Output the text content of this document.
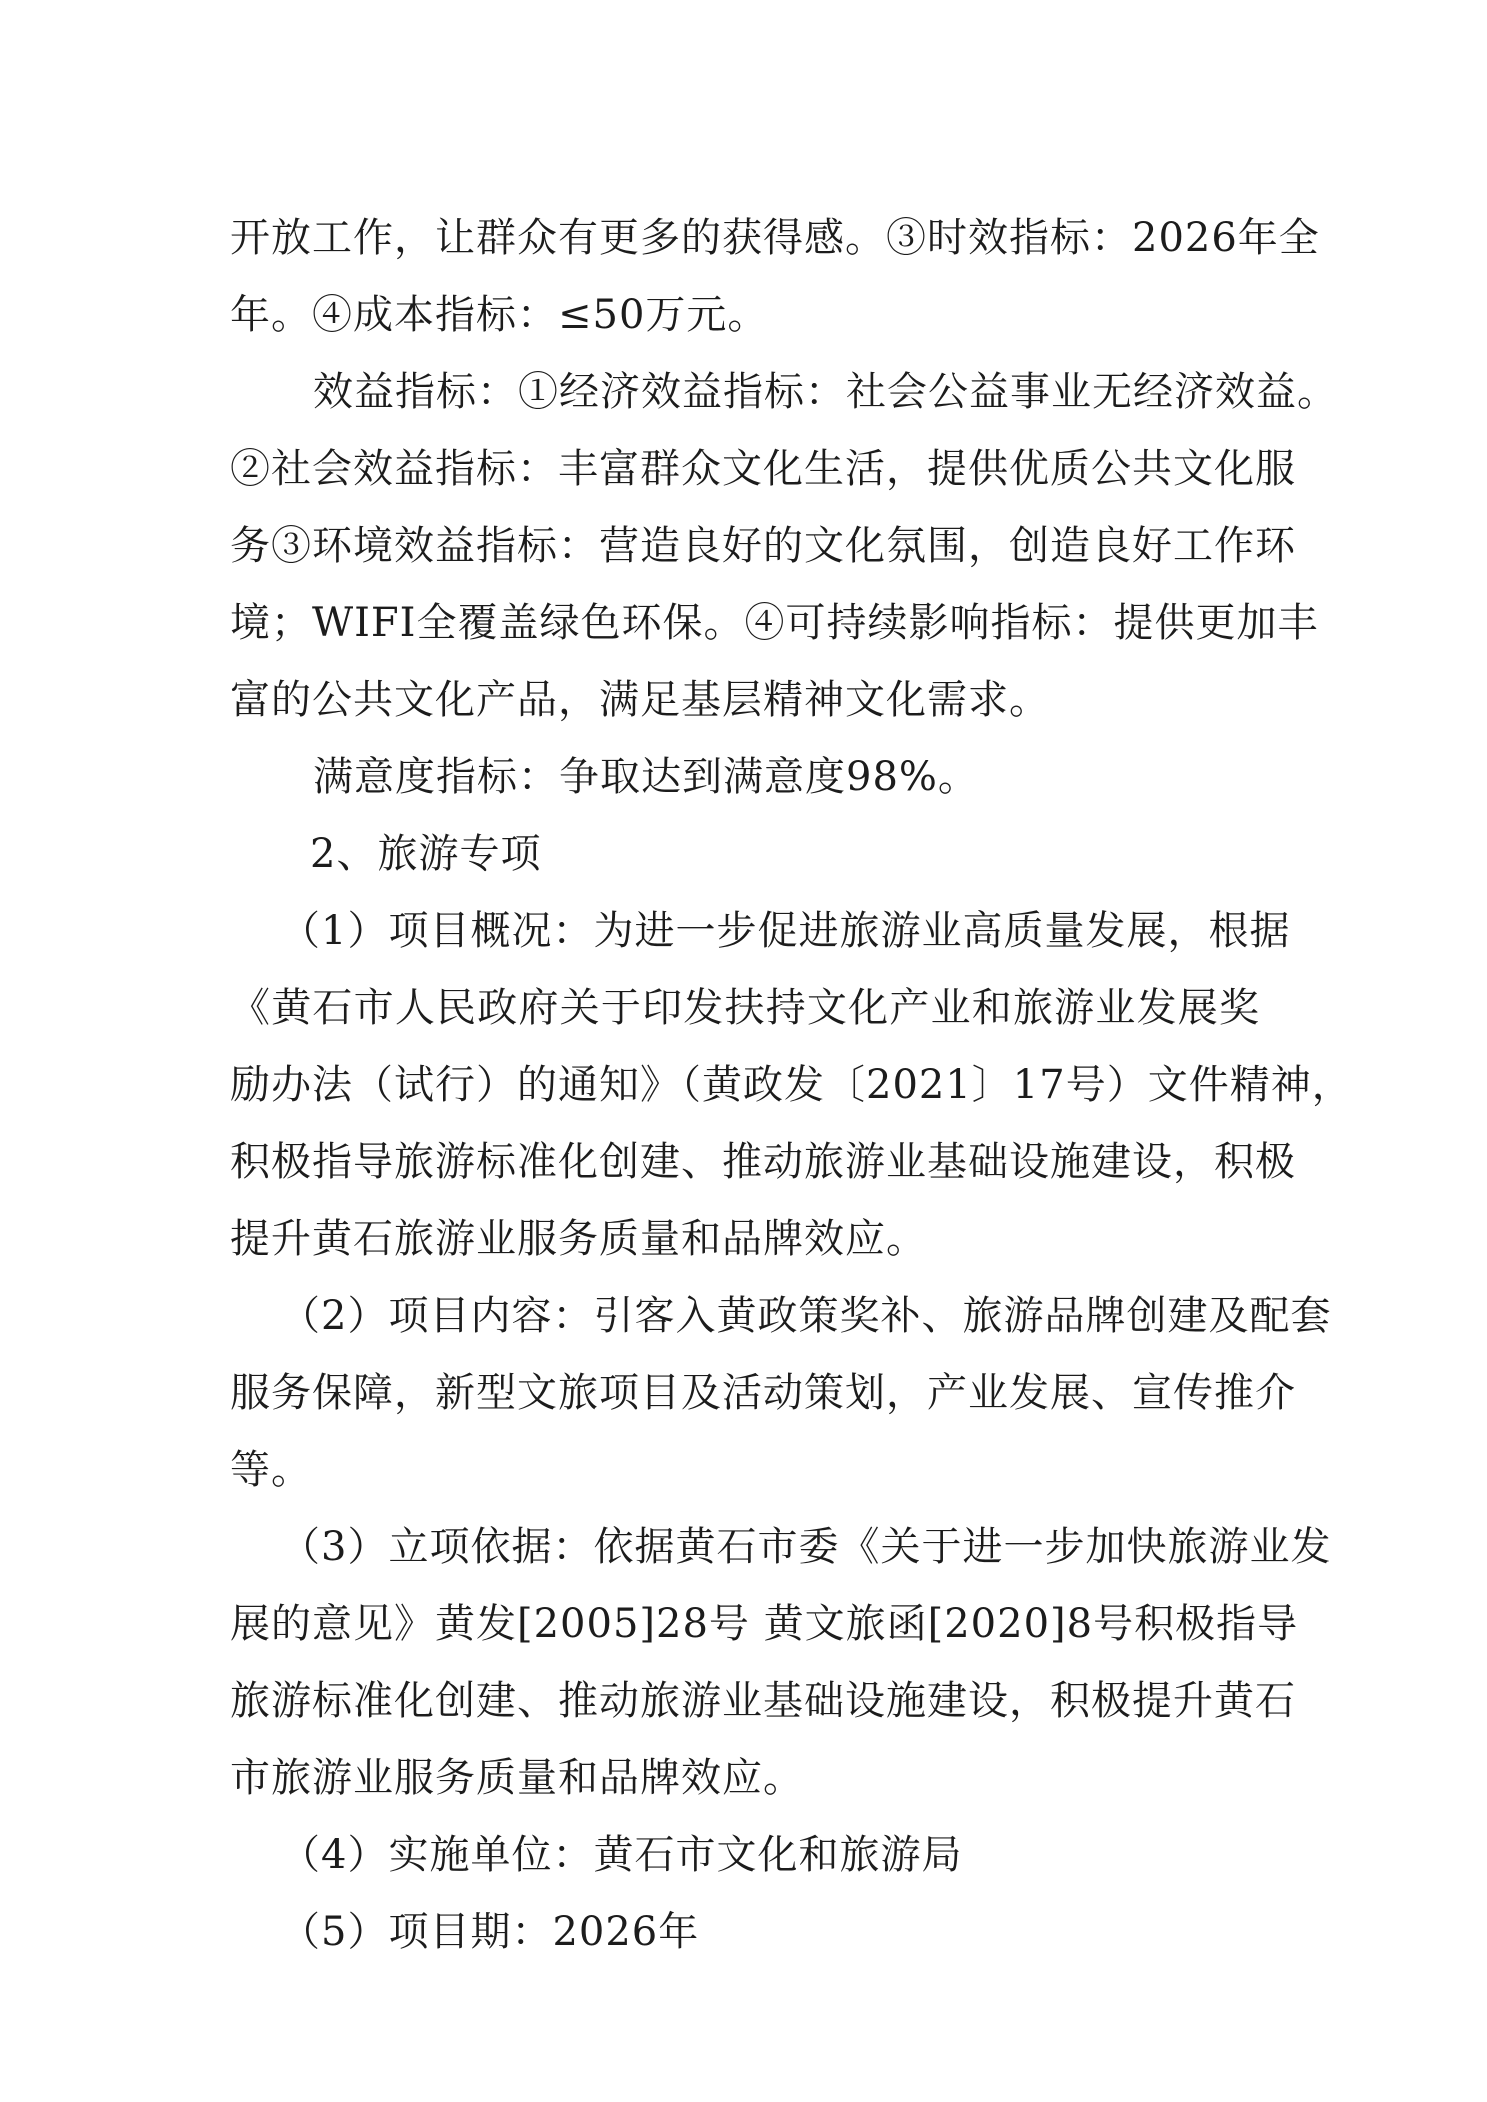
开放工作，让群众有更多的获得感。③时效指标：2026年全
年。④成本指标：≤50万元。
效益指标：①经济效益指标：社会公益事业无经济效益。
②社会效益指标：丰富群众文化生活，提供优质公共文化服
务③环境效益指标：营造良好的文化氛围，创造良好工作环
境；WIFI全覆盖绿色环保。④可持续影响指标：提供更加丰
富的公共文化产品，满足基层精神文化需求。
满意度指标：争取达到满意度98%。
2、旅游专项
（1）项目概况：为进一步促进旅游业高质量发展，根据
《黄石市人民政府关于印发扶持文化产业和旅游业发展奖
励办法（试行）的通知》（黄政发〔2021〕17号）文件精神，
积极指导旅游标准化创建、推动旅游业基础设施建设，积极
提升黄石旅游业服务质量和品牌效应。
（2）项目内容：引客入黄政策奖补、旅游品牌创建及配套
服务保障，新型文旅项目及活动策划，产业发展、宣传推介
等。
（3）立项依据：依据黄石市委《关于进一步加快旅游业发
展的意见》黄发[2005]28号 黄文旅函[2020]8号积极指导
旅游标准化创建、推动旅游业基础设施建设，积极提升黄石
市旅游业服务质量和品牌效应。
（4）实施单位：黄石市文化和旅游局
（5）项目期：2026年
